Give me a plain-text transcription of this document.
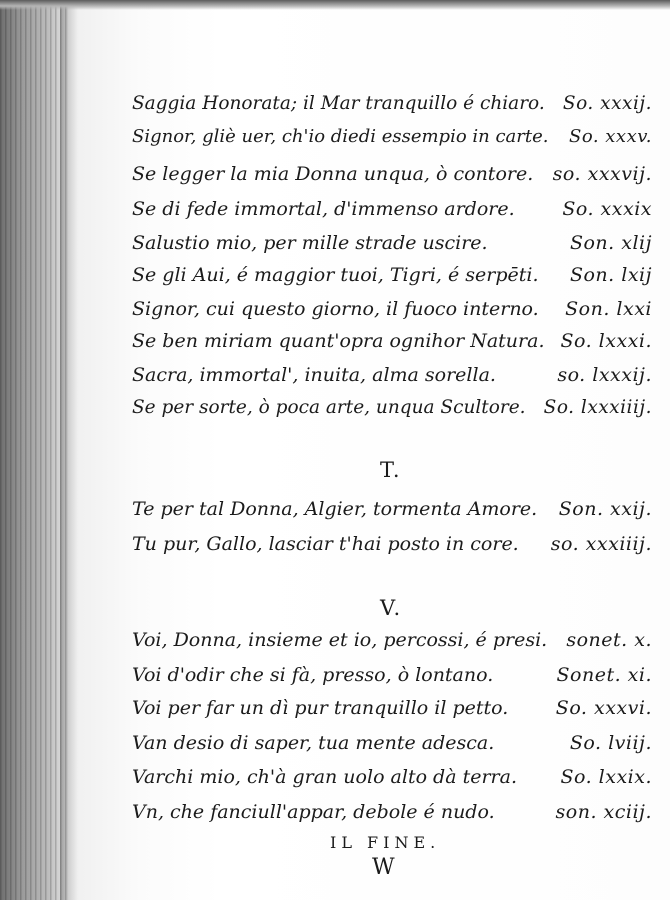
Saggia Honorata; il Mar tranquillo é chiaro. So. xxxij.
Signor, gliè uer, ch'io diedi essempio in carte. So. xxxv.
Se legger la mia Donna unqua, ò contore. so. xxxvij.
Se di fede immortal, d'immenso ardore.	So. xxxix
Salustio mio, per mille strade uscire.	Son. xlij
Se gli Aui, é maggior tuoi, Tigri, é serpēti. Son. lxij
Signor, cui questo giorno, il fuoco interno. Son. lxxi
Se ben miriam quant'opra ognihor Natura. So. lxxxi.
Sacra, immortal', inuita, alma sorella.	so. lxxxij.
Se per sorte, ò poca arte, unqua Scultore. So. lxxxiiij.
T.
Te per tal Donna, Algier, tormenta Amore. Son. xxij.
Tu pur, Gallo, lasciar t'hai posto in core. so. xxxiiij.
V.
Voi, Donna, insieme et io, percossi, é presi. sonet. x.
Voi d'odir che si fà, presso, ò lontano.	Sonet. xi.
Voi per far un dì pur tranquillo il petto.	So. xxxvi.
Van desio di saper, tua mente adesca.	So. lviij.
Varchi mio, ch'à gran uolo alto dà terra. So. lxxix.
Vn, che fanciull'appar, debole é nudo.	son. xciij.
IL FINE.
W
